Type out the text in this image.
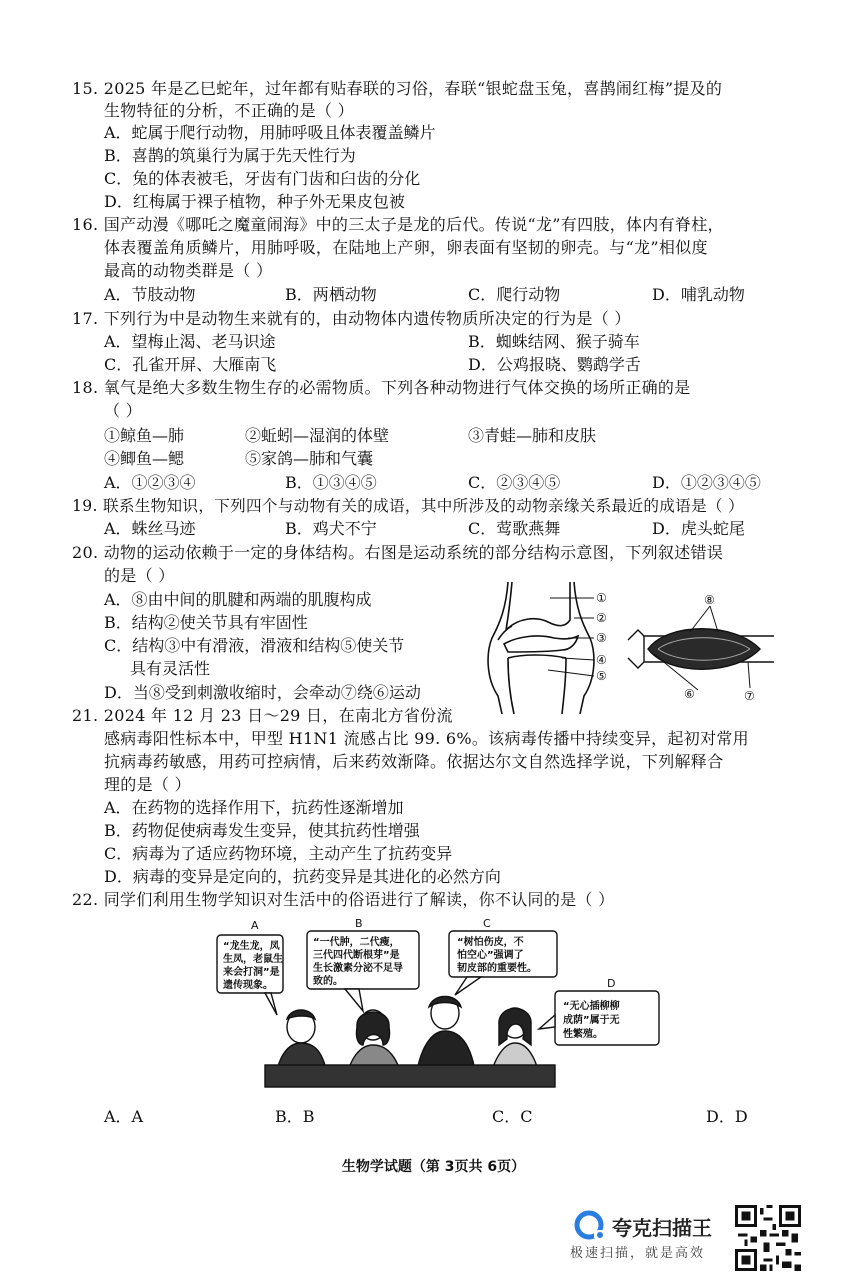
15. 2025 年是乙巳蛇年，过年都有贴春联的习俗，春联“银蛇盘玉兔，喜鹊闹红梅”提及的
生物特征的分析，不正确的是（ ）
A．蛇属于爬行动物，用肺呼吸且体表覆盖鳞片
B．喜鹊的筑巢行为属于先天性行为
C．兔的体表被毛，牙齿有门齿和臼齿的分化
D．红梅属于裸子植物，种子外无果皮包被
16. 国产动漫《哪吒之魔童闹海》中的三太子是龙的后代。传说“龙”有四肢，体内有脊柱，
体表覆盖角质鳞片，用肺呼吸，在陆地上产卵，卵表面有坚韧的卵壳。与“龙”相似度
最高的动物类群是（ ）
A．节肢动物	B．两栖动物	C．爬行动物	D．哺乳动物
17. 下列行为中是动物生来就有的，由动物体内遗传物质所决定的行为是（ ）
A．望梅止渴、老马识途	B．蜘蛛结网、猴子骑车
C．孔雀开屏、大雁南飞	D．公鸡报晓、鹦鹉学舌
18. 氧气是绝大多数生物生存的必需物质。下列各种动物进行气体交换的场所正确的是
（ ）
①鲸鱼—肺	②蚯蚓—湿润的体壁	③青蛙—肺和皮肤
④鲫鱼—鳃	⑤家鸽—肺和气囊
A．①②③④	B．①③④⑤	C．②③④⑤	D．①②③④⑤
19. 联系生物知识，下列四个与动物有关的成语，其中所涉及的动物亲缘关系最近的成语是（ ）
A．蛛丝马迹	B．鸡犬不宁	C．莺歌燕舞	D．虎头蛇尾
20. 动物的运动依赖于一定的身体结构。右图是运动系统的部分结构示意图，下列叙述错误
的是（ ）
A．⑧由中间的肌腱和两端的肌腹构成
B．结构②使关节具有牢固性
C．结构③中有滑液，滑液和结构⑤使关节
具有灵活性
D．当⑧受到刺激收缩时，会牵动⑦绕⑥运动
①
②
③
④
⑤
⑧
⑥	⑦
21. 2024 年 12 月 23 日～29 日，在南北方省份流
感病毒阳性标本中，甲型 H1N1 流感占比 99. 6%。该病毒传播中持续变异，起初对常用
抗病毒药敏感，用药可控病情，后来药效渐降。依据达尔文自然选择学说，下列解释合
理的是（ ）
A．在药物的选择作用下，抗药性逐渐增加
B．药物促使病毒发生变异，使其抗药性增强
C．病毒为了适应药物环境，主动产生了抗药变异
D．病毒的变异是定向的，抗药变异是其进化的必然方向
22. 同学们利用生物学知识对生活中的俗语进行了解读，你不认同的是（ ）
A	B	C
D
“龙生龙，凤
生凤，老鼠生
来会打洞”是
遗传现象。
“一代肿，二代瘦，
三代四代断根芽”是
生长激素分泌不足导
致的。
“树怕伤皮，不
怕空心”强调了
韧皮部的重要性。
“无心插柳柳
成荫”属于无
性繁殖。
A．A	B．B	C．C	D．D
生物学试题（第 3页共 6页）
夸克扫描王
极速扫描，就是高效
